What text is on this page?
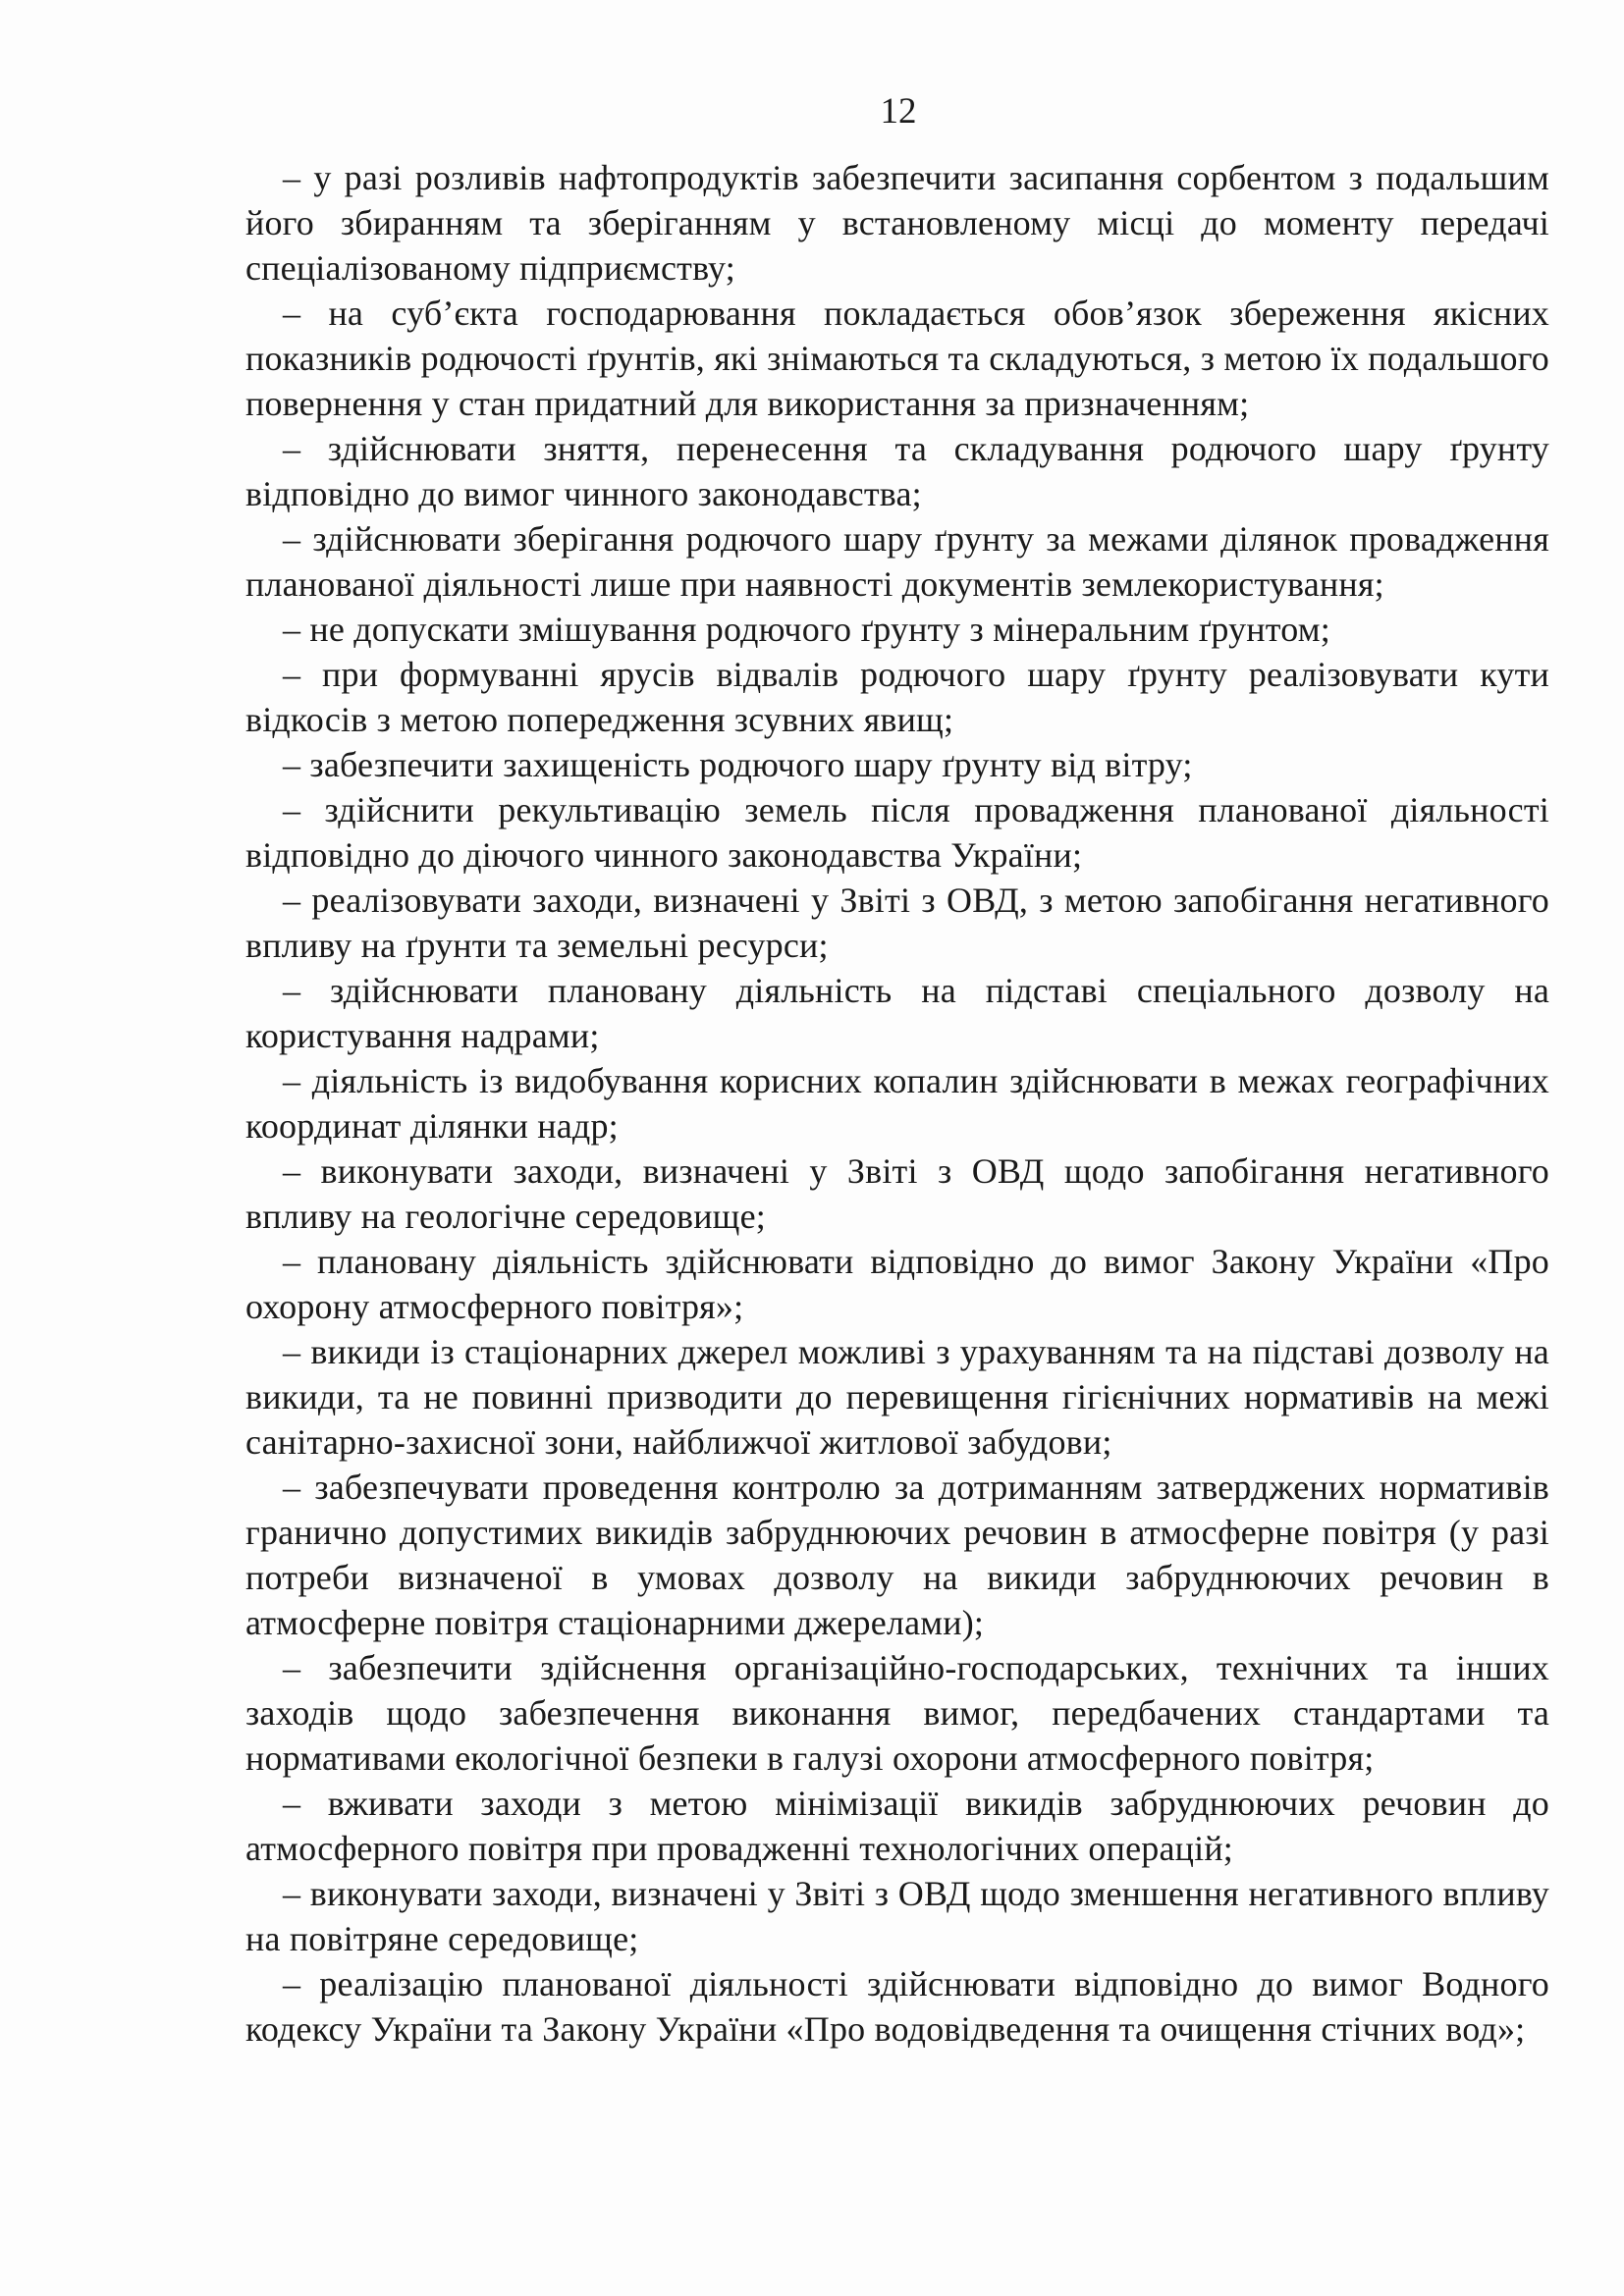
12

– у разі розливів нафтопродуктів забезпечити засипання сорбентом з подальшим його збиранням та зберіганням у встановленому місці до моменту передачі спеціалізованому підприємству;

– на суб’єкта господарювання покладається обов’язок збереження якісних показників родючості ґрунтів, які знімаються та складуються, з метою їх подальшого повернення у стан придатний для використання за призначенням;

– здійснювати зняття, перенесення та складування родючого шару ґрунту відповідно до вимог чинного законодавства;

– здійснювати зберігання родючого шару ґрунту за межами ділянок провадження планованої діяльності лише при наявності документів землекористування;

– не допускати змішування родючого ґрунту з мінеральним ґрунтом;

– при формуванні ярусів відвалів родючого шару ґрунту реалізовувати кути відкосів з метою попередження зсувних явищ;

– забезпечити захищеність родючого шару ґрунту від вітру;

– здійснити рекультивацію земель після провадження планованої діяльності відповідно до діючого чинного законодавства України;

– реалізовувати заходи, визначені у Звіті з ОВД, з метою запобігання негативного впливу на ґрунти та земельні ресурси;

– здійснювати плановану діяльність на підставі спеціального дозволу на користування надрами;

– діяльність із видобування корисних копалин здійснювати в межах географічних координат ділянки надр;

– виконувати заходи, визначені у Звіті з ОВД щодо запобігання негативного впливу на геологічне середовище;

– плановану діяльність здійснювати відповідно до вимог Закону України «Про охорону атмосферного повітря»;

– викиди із стаціонарних джерел можливі з урахуванням та на підставі дозволу на викиди, та не повинні призводити до перевищення гігієнічних нормативів на межі санітарно-захисної зони, найближчої житлової забудови;

– забезпечувати проведення контролю за дотриманням затверджених нормативів гранично допустимих викидів забруднюючих речовин в атмосферне повітря (у разі потреби визначеної в умовах дозволу на викиди забруднюючих речовин в атмосферне повітря стаціонарними джерелами);

– забезпечити здійснення організаційно-господарських, технічних та інших заходів щодо забезпечення виконання вимог, передбачених стандартами та нормативами екологічної безпеки в галузі охорони атмосферного повітря;

– вживати заходи з метою мінімізації викидів забруднюючих речовин до атмосферного повітря при провадженні технологічних операцій;

– виконувати заходи, визначені у Звіті з ОВД щодо зменшення негативного впливу на повітряне середовище;

– реалізацію планованої діяльності здійснювати відповідно до вимог Водного кодексу України та Закону України «Про водовідведення та очищення стічних вод»;
